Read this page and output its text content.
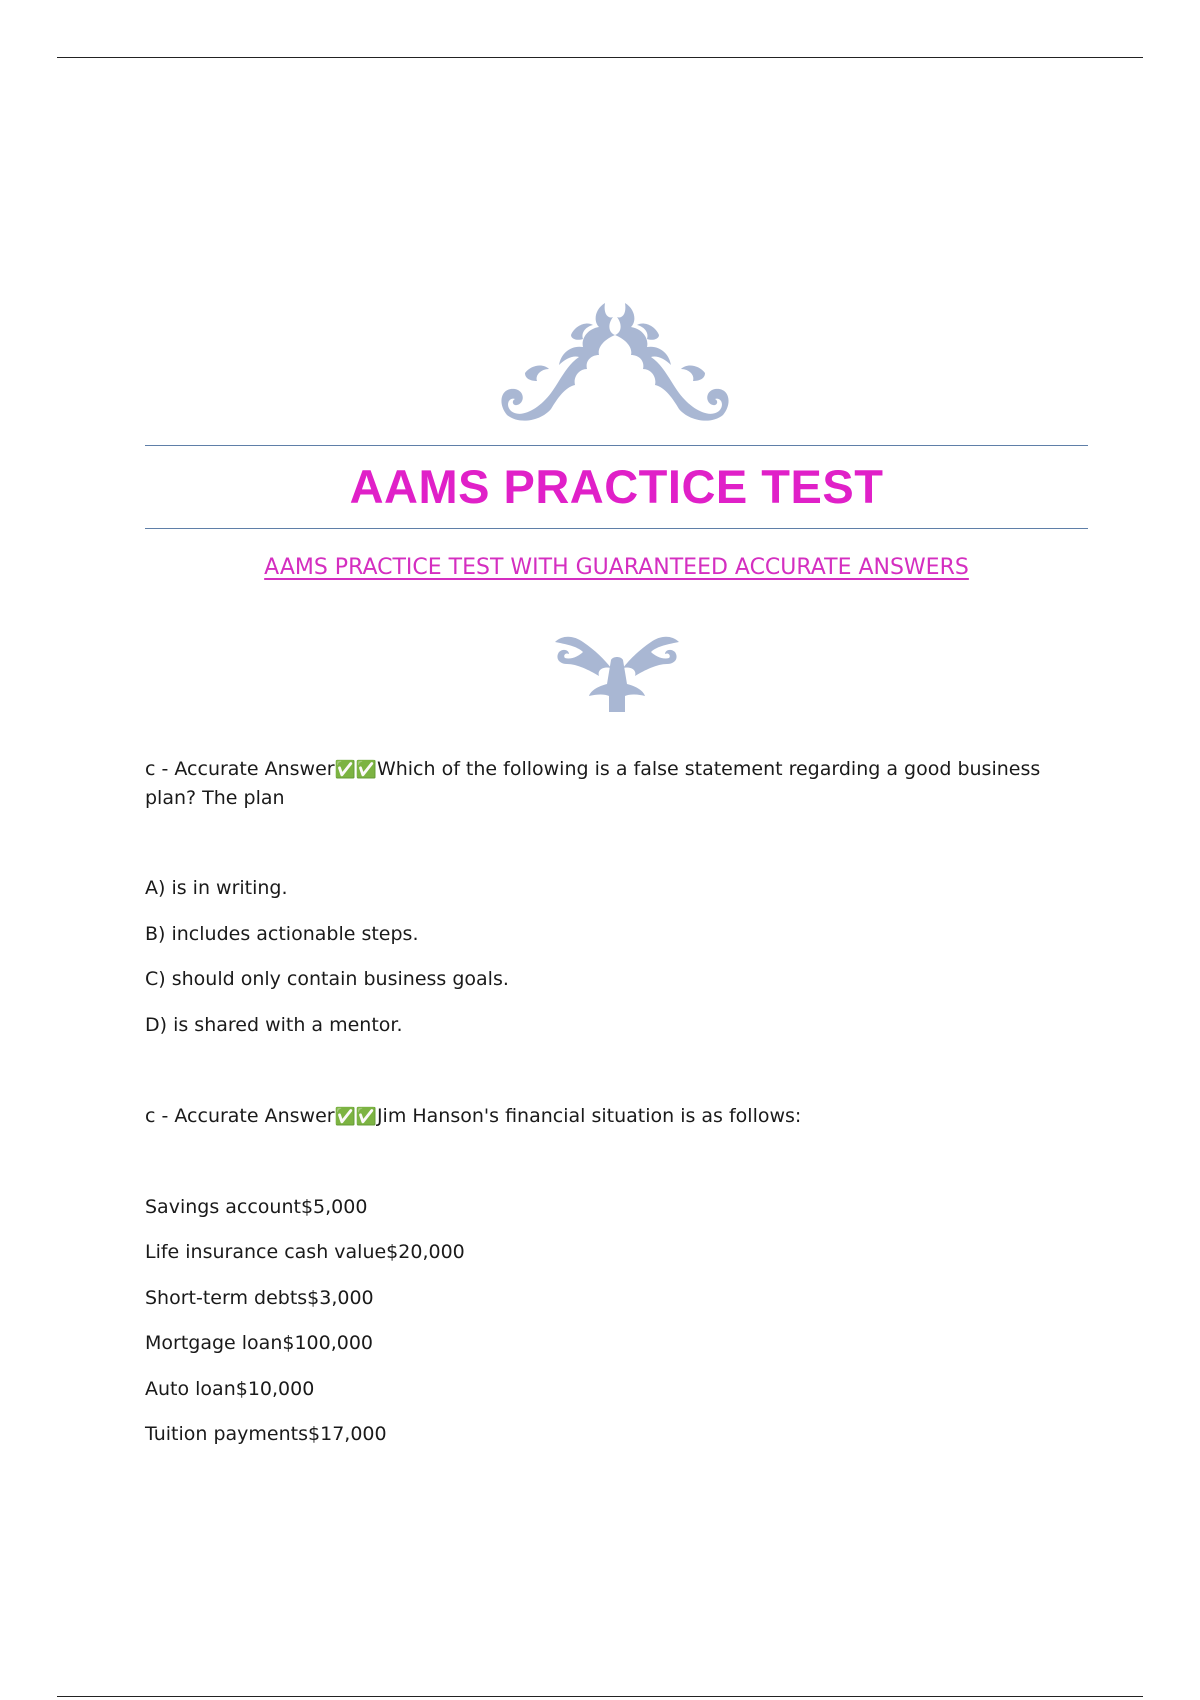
AAMS PRACTICE TEST
AAMS PRACTICE TEST WITH GUARANTEED ACCURATE ANSWERS

c - Accurate Answer✅✅Which of the following is a false statement regarding a good business plan? The plan

A) is in writing.

B) includes actionable steps.

C) should only contain business goals.

D) is shared with a mentor.

c - Accurate Answer✅✅Jim Hanson's financial situation is as follows:

Savings account$5,000

Life insurance cash value$20,000

Short-term debts$3,000

Mortgage loan$100,000

Auto loan$10,000

Tuition payments$17,000
